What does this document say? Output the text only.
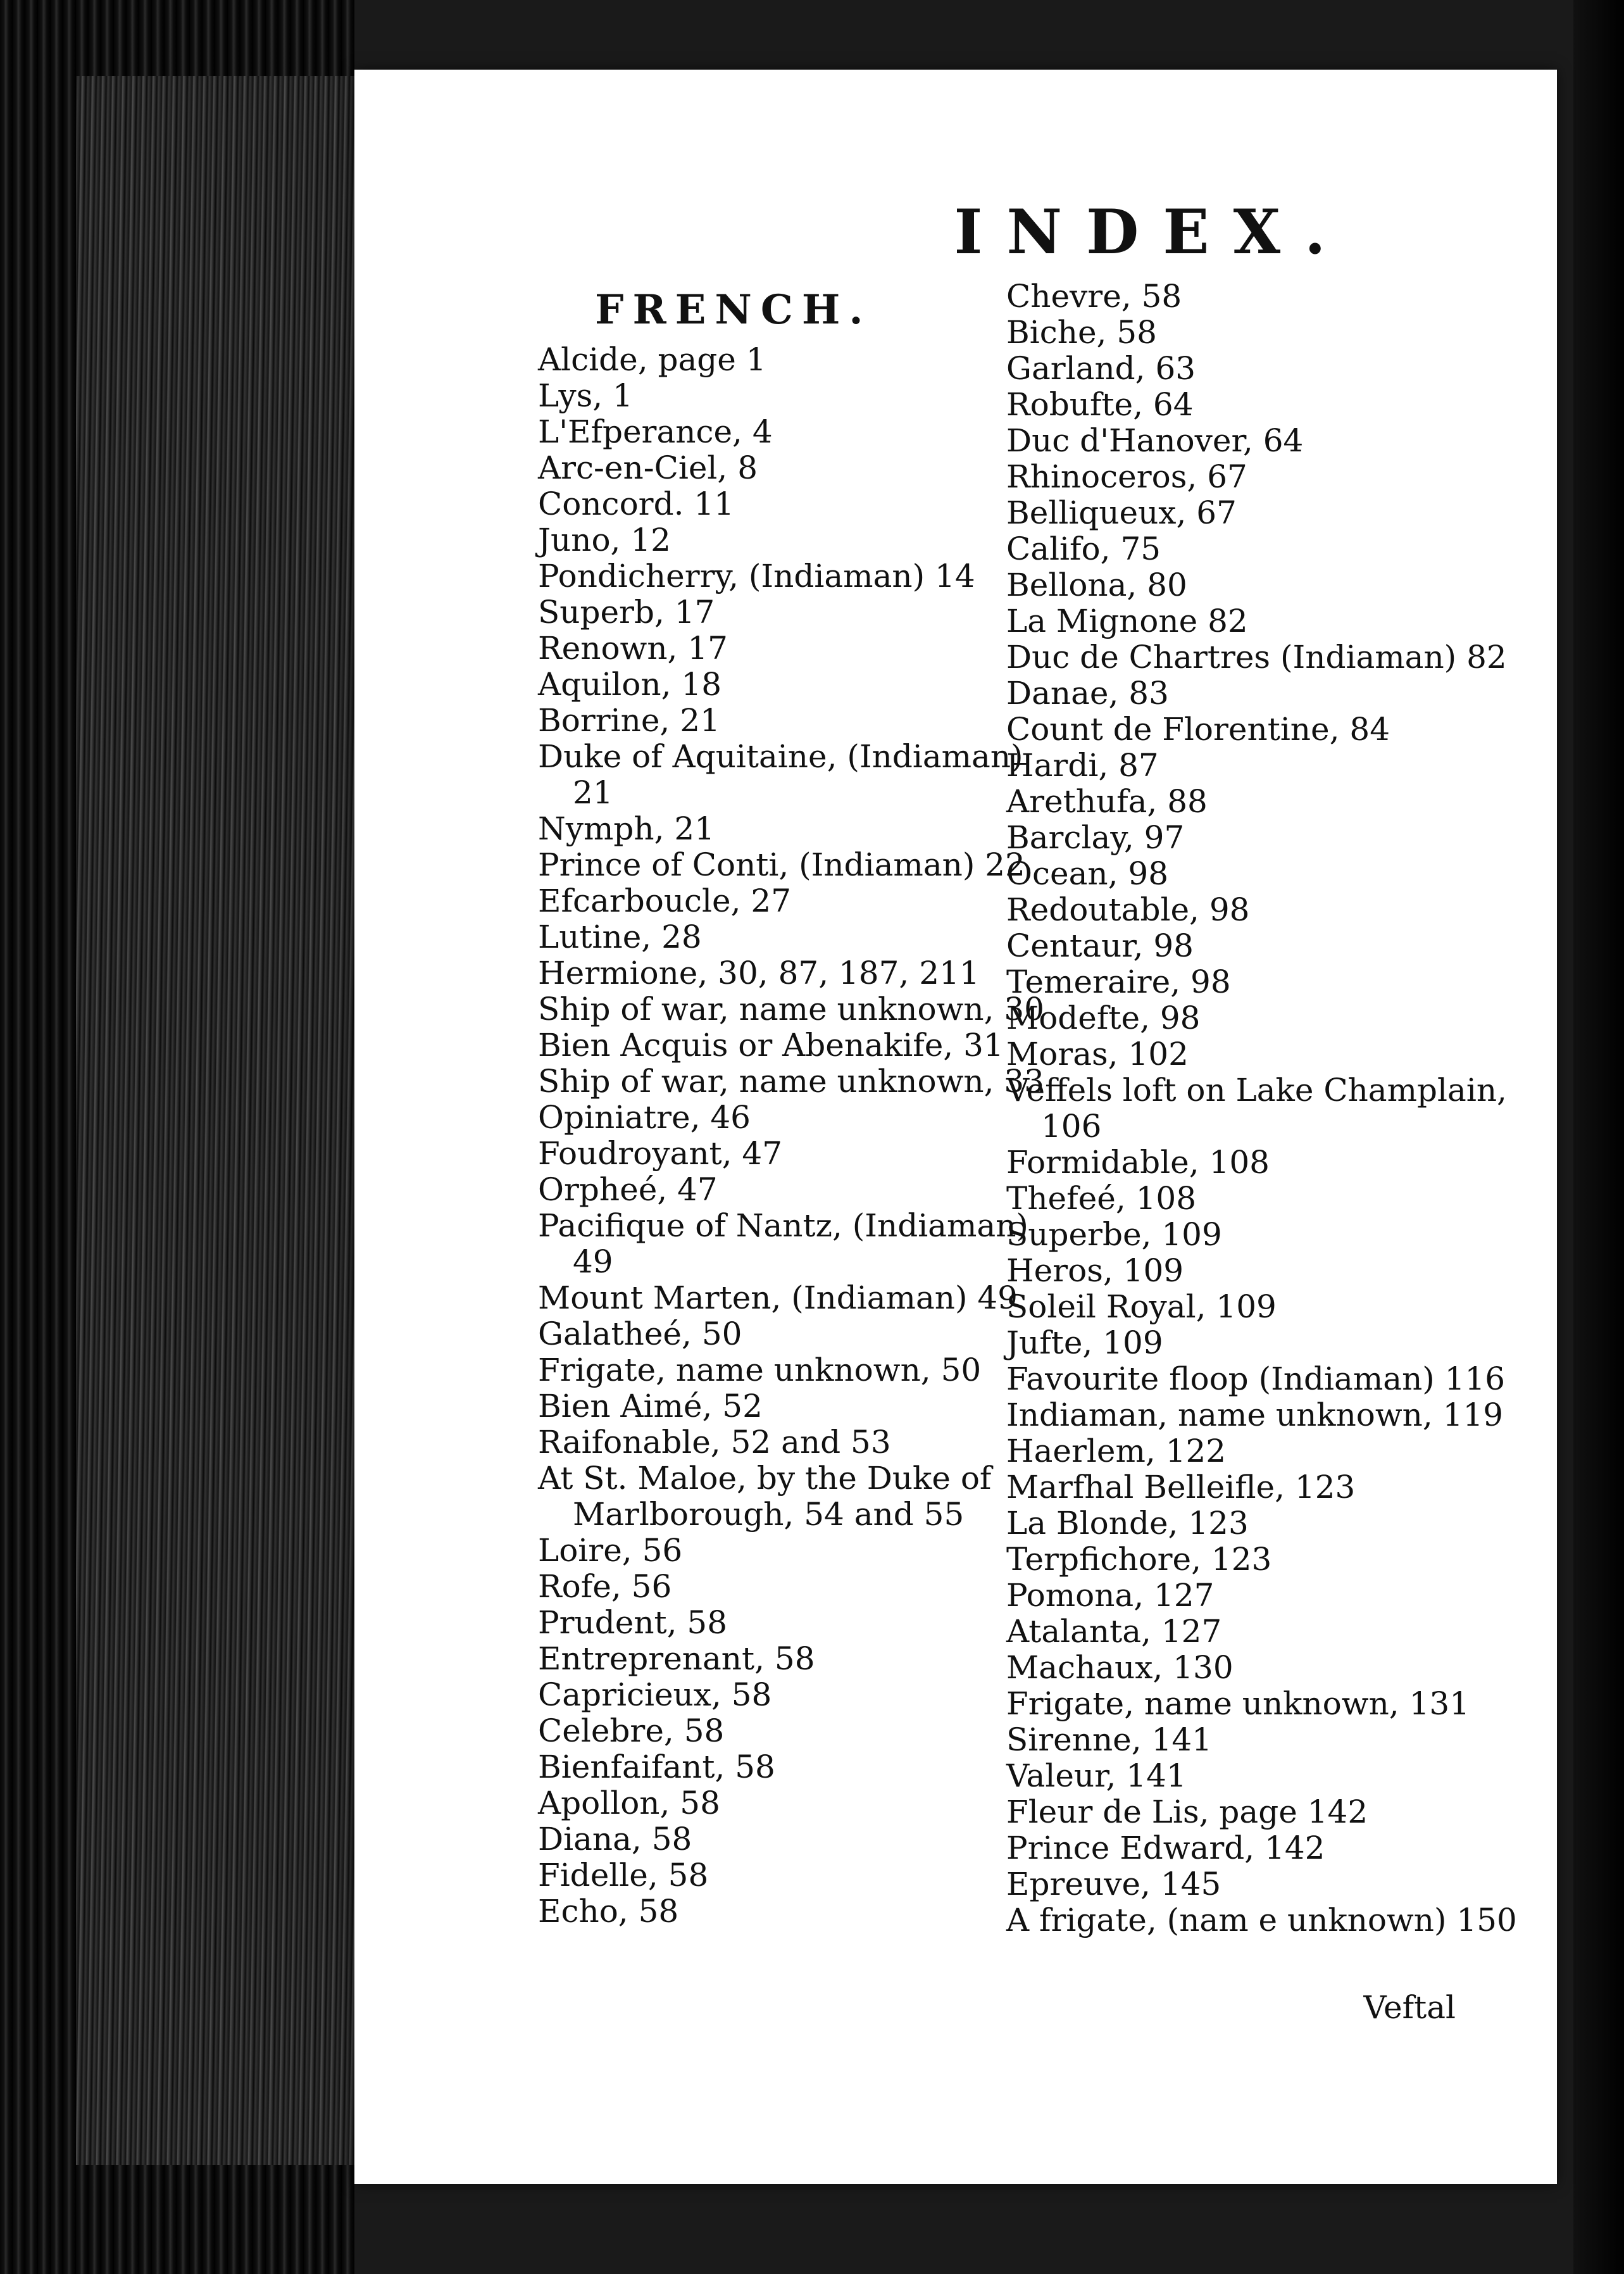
INDEX.
FRENCH.
Alcide, page 1
Lys, 1
L'Efperance, 4
Arc-en-Ciel, 8
Concord. 11
Juno, 12
Pondicherry, (Indiaman) 14
Superb, 17
Renown, 17
Aquilon, 18
Borrine, 21
Duke of Aquitaine, (Indiaman)
21
Nymph, 21
Prince of Conti, (Indiaman) 22
Efcarboucle, 27
Lutine, 28
Hermione, 30, 87, 187, 211
Ship of war, name unknown, 30
Bien Acquis or Abenakife, 31
Ship of war, name unknown, 33
Opiniatre, 46
Foudroyant, 47
Orpheé, 47
Pacifique of Nantz, (Indiaman)
49
Mount Marten, (Indiaman) 49
Galatheé, 50
Frigate, name unknown, 50
Bien Aimé, 52
Raifonable, 52 and 53
At St. Maloe, by the Duke of
Marlborough, 54 and 55
Loire, 56
Rofe, 56
Prudent, 58
Entreprenant, 58
Capricieux, 58
Celebre, 58
Bienfaifant, 58
Apollon, 58
Diana, 58
Fidelle, 58
Echo, 58
Chevre, 58
Biche, 58
Garland, 63
Robufte, 64
Duc d'Hanover, 64
Rhinoceros, 67
Belliqueux, 67
Califo, 75
Bellona, 80
La Mignone 82
Duc de Chartres (Indiaman) 82
Danae, 83
Count de Florentine, 84
Hardi, 87
Arethufa, 88
Barclay, 97
Ocean, 98
Redoutable, 98
Centaur, 98
Temeraire, 98
Modefte, 98
Moras, 102
Veffels loft on Lake Champlain,
106
Formidable, 108
Thefeé, 108
Superbe, 109
Heros, 109
Soleil Royal, 109
Jufte, 109
Favourite floop (Indiaman) 116
Indiaman, name unknown, 119
Haerlem, 122
Marfhal Belleifle, 123
La Blonde, 123
Terpfichore, 123
Pomona, 127
Atalanta, 127
Machaux, 130
Frigate, name unknown, 131
Sirenne, 141
Valeur, 141
Fleur de Lis, page 142
Prince Edward, 142
Epreuve, 145
A frigate, (nam e unknown) 150
Veftal
